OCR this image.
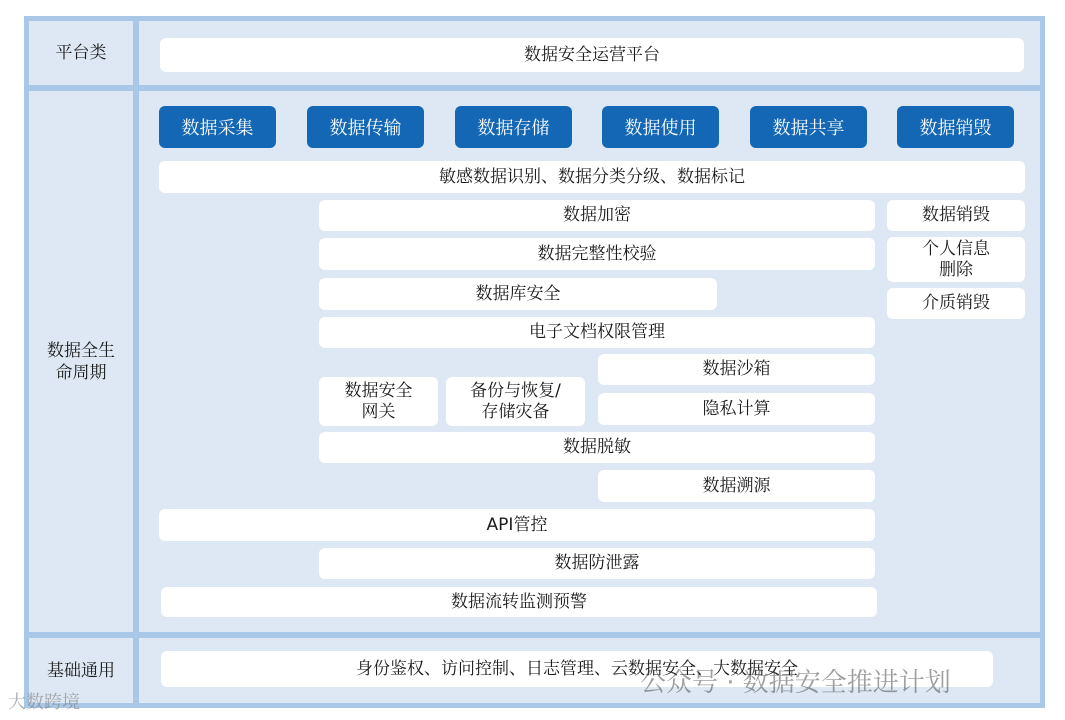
平台类
数据全生
命周期
基础通用
数据安全运营平台
数据采集	数据传输	数据存储	数据使用	数据共享	数据销毁
敏感数据识别、数据分类分级、数据标记
数据加密
数据完整性校验
数据库安全
电子文档权限管理
数据安全
网关
备份与恢复/
存储灾备
数据沙箱
隐私计算
数据脱敏
数据溯源
API管控
数据防泄露
数据流转监测预警
数据销毁
个人信息
删除
介质销毁
身份鉴权、访问控制、日志管理、云数据安全、大数据安全
公众号 · 数据安全推进计划
大数跨境
